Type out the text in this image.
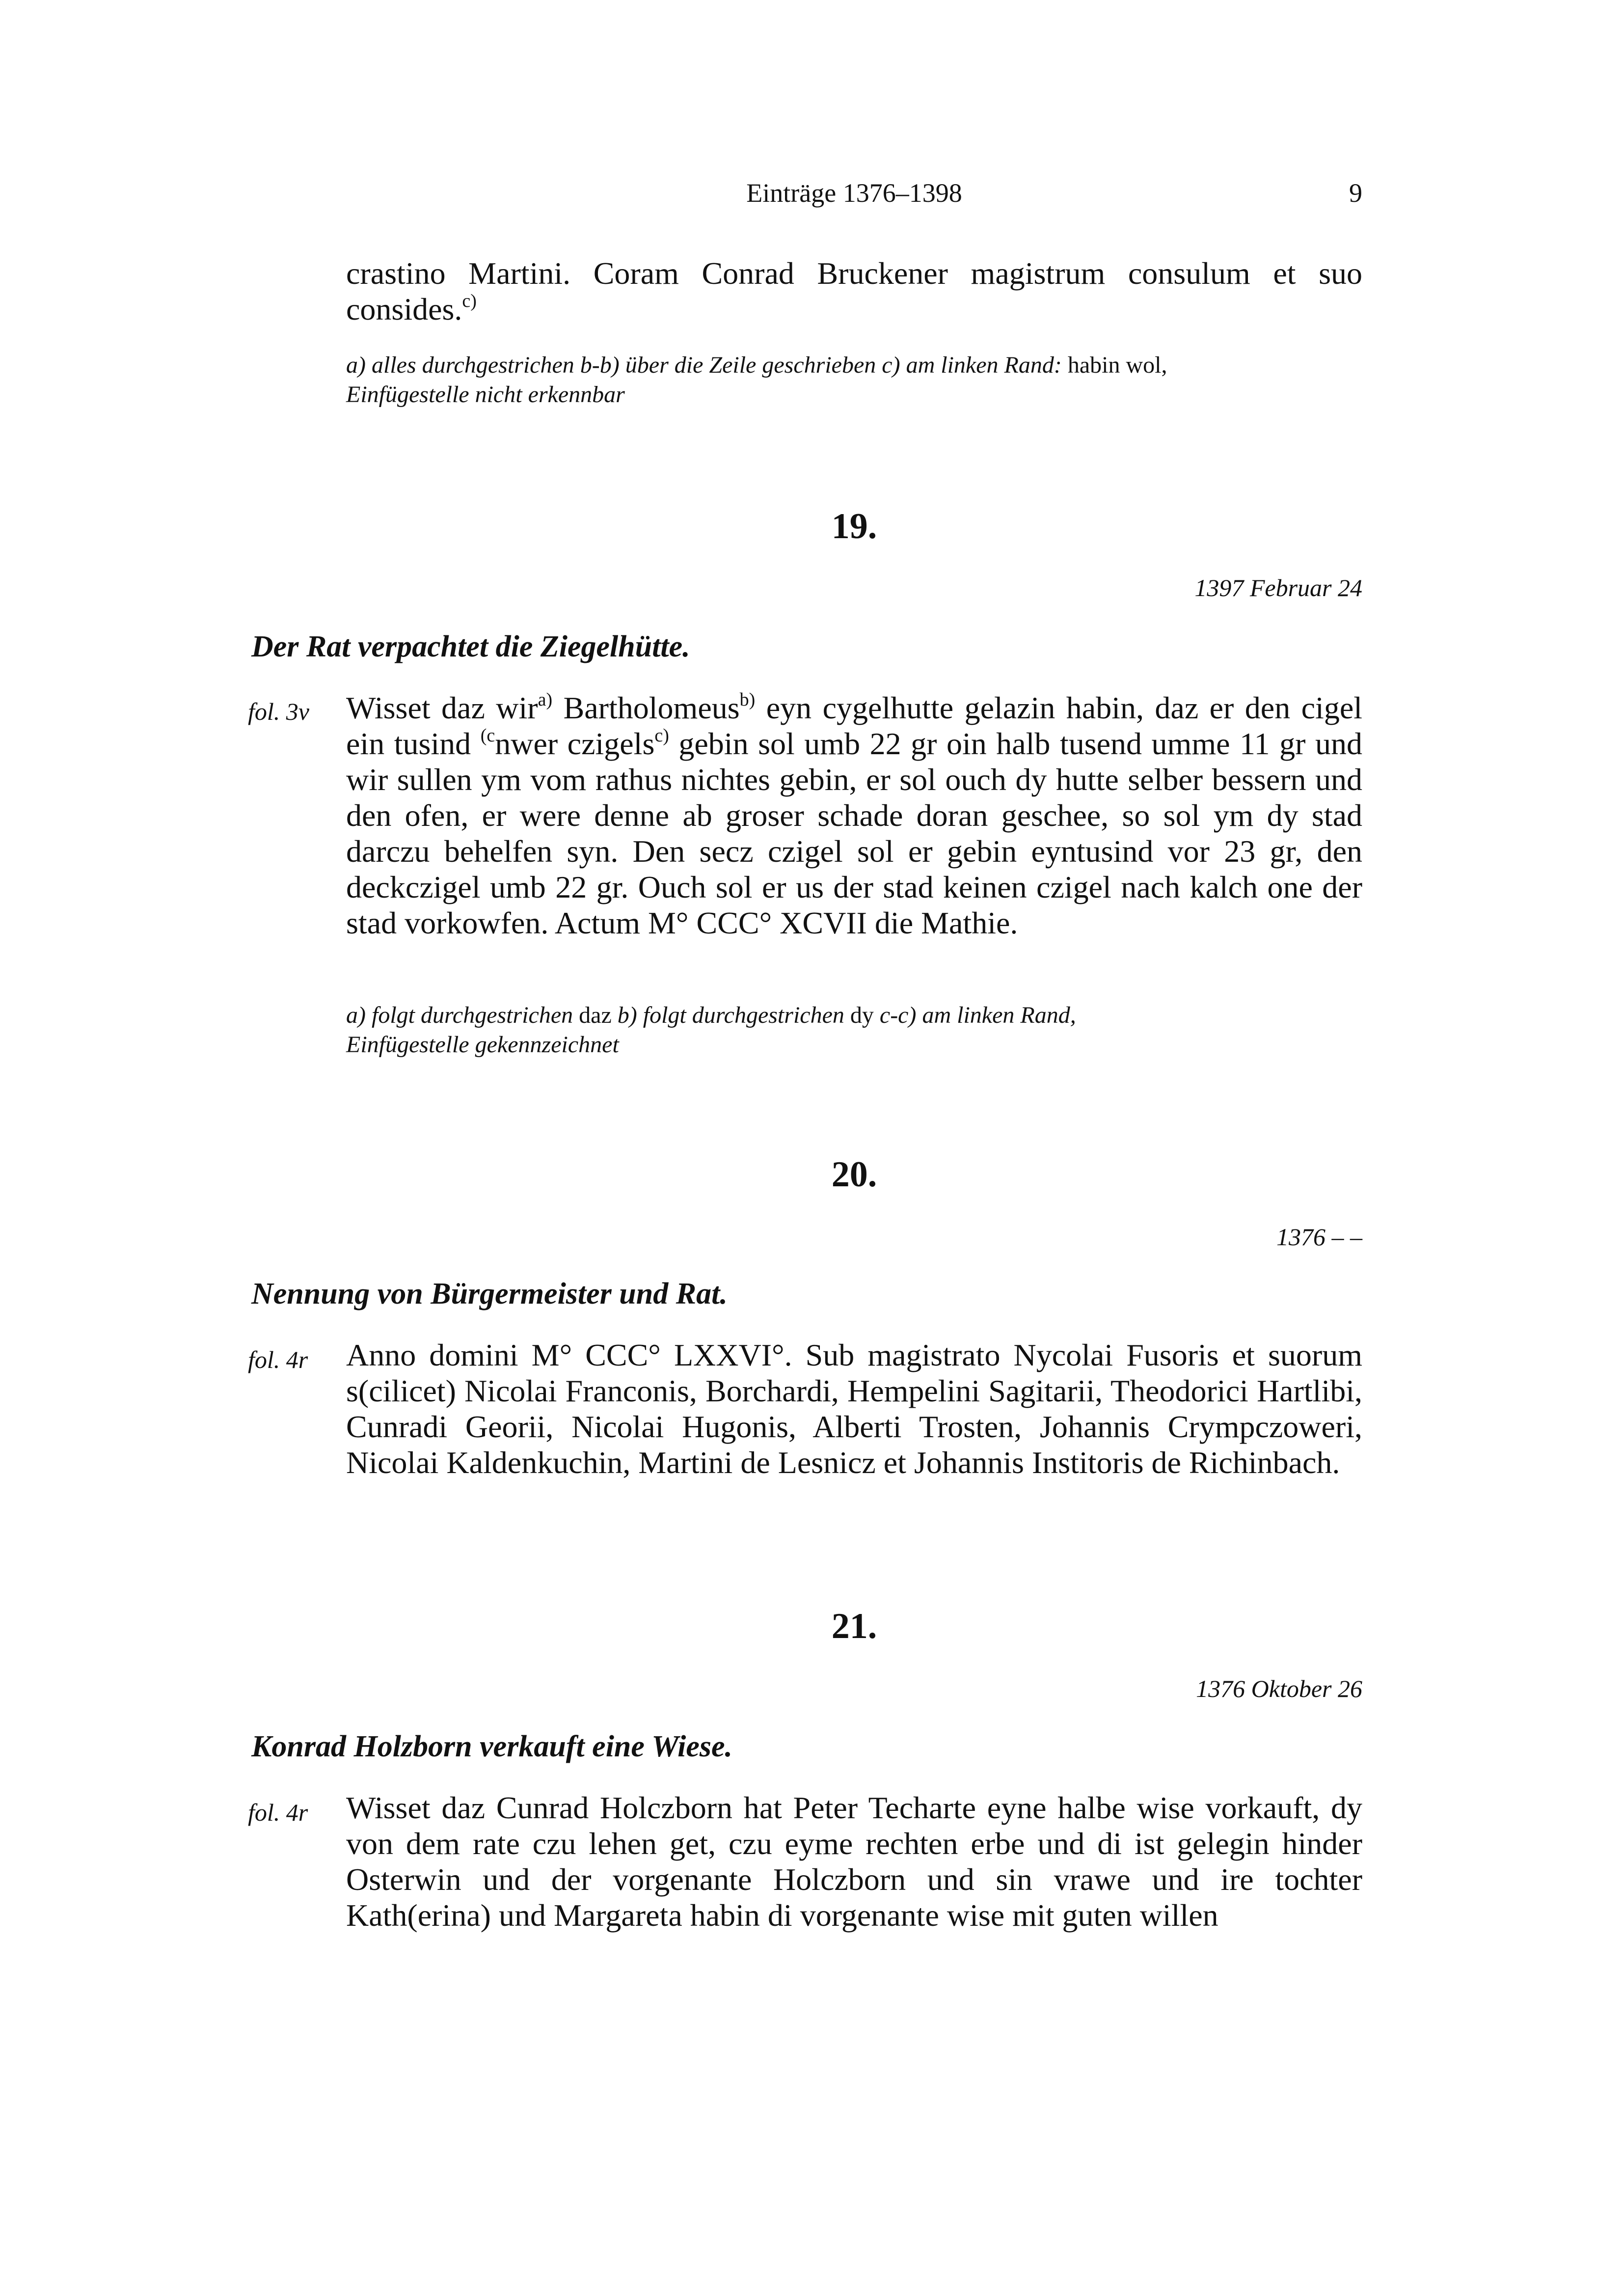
Einträge 1376–1398	9
crastino Martini. Coram Conrad Bruckener magistrum consulum et suo consides.$^{c)}$
a) alles durchgestrichen b-b) über die Zeile geschrieben c) am linken Rand: habin wol,
Einfügestelle nicht erkennbar
19.
1397 Februar 24
Der Rat verpachtet die Ziegelhütte.
fol. 3v Wisset daz wir$^{a)}$ Bartholomeus$^{b)}$ eyn cygelhutte gelazin habin, daz er den cigel ein tusind $^{(c}$nwer czigels$^{c)}$ gebin sol umb 22 gr oin halb tusend umme 11 gr und wir sullen ym vom rathus nichtes gebin, er sol ouch dy hutte selber bessern und den ofen, er were denne ab groser schade doran geschee, so sol ym dy stad darczu behelfen syn. Den secz czigel sol er gebin eyntusind vor 23 gr, den deckczigel umb 22 gr. Ouch sol er us der stad keinen czigel nach kalch one der stad vorkowfen. Actum M° CCC° XCVII die Mathie.
a) folgt durchgestrichen daz b) folgt durchgestrichen dy c-c) am linken Rand,
Einfügestelle gekennzeichnet
20.
1376 – –
Nennung von Bürgermeister und Rat.
fol. 4r Anno domini M° CCC° LXXVI°. Sub magistrato Nycolai Fusoris et suorum s(cilicet) Nicolai Franconis, Borchardi, Hempelini Sagitarii, Theodorici Hartlibi, Cunradi Georii, Nicolai Hugonis, Alberti Trosten, Johannis Crympczoweri, Nicolai Kaldenkuchin, Martini de Lesnicz et Johannis Institoris de Richinbach.
21.
1376 Oktober 26
Konrad Holzborn verkauft eine Wiese.
fol. 4r Wisset daz Cunrad Holczborn hat Peter Techarte eyne halbe wise vorkauft, dy von dem rate czu lehen get, czu eyme rechten erbe und di ist gelegin hinder Osterwin und der vorgenante Holczborn und sin vrawe und ire tochter Kath(erina) und Margareta habin di vorgenante wise mit guten willen
